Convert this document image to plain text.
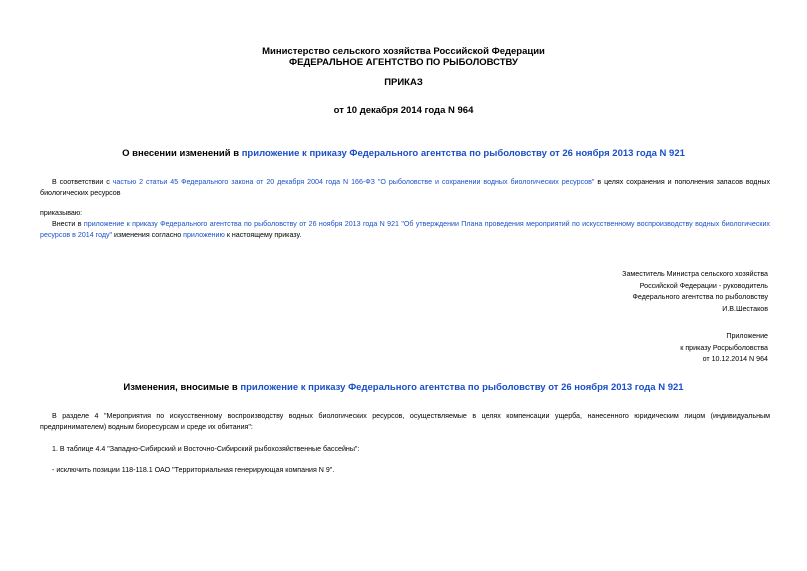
Министерство сельского хозяйства Российской Федерации
ФЕДЕРАЛЬНОЕ АГЕНТСТВО ПО РЫБОЛОВСТВУ
ПРИКАЗ
от 10 декабря 2014 года N 964
О внесении изменений в приложение к приказу Федерального агентства по рыболовству от 26 ноября 2013 года N 921
В соответствии с частью 2 статьи 45 Федерального закона от 20 декабря 2004 года N 166-ФЗ "О рыболовстве и сохранении водных биологических ресурсов" в целях сохранения и пополнения запасов водных биологических ресурсов
приказываю:
Внести в приложение к приказу Федерального агентства по рыболовству от 26 ноября 2013 года N 921 "Об утверждении Плана проведения мероприятий по искусственному воспроизводству водных биологических ресурсов в 2014 году" изменения согласно приложению к настоящему приказу.
Заместитель Министра сельского хозяйства
Российской Федерации - руководитель
Федерального агентства по рыболовству
И.В.Шестаков
Приложение
к приказу Росрыболовства
от 10.12.2014 N 964
Изменения, вносимые в приложение к приказу Федерального агентства по рыболовству от 26 ноября 2013 года N 921
В разделе 4 "Мероприятия по искусственному воспроизводству водных биологических ресурсов, осуществляемые в целях компенсации ущерба, нанесенного юридическим лицом (индивидуальным предпринимателем) водным биоресурсам и среде их обитания":
1. В таблице 4.4 "Западно-Сибирский и Восточно-Сибирский рыбохозяйственные бассейны":
- исключить позиции 118-118.1 ОАО "Территориальная генерирующая компания N 9".
